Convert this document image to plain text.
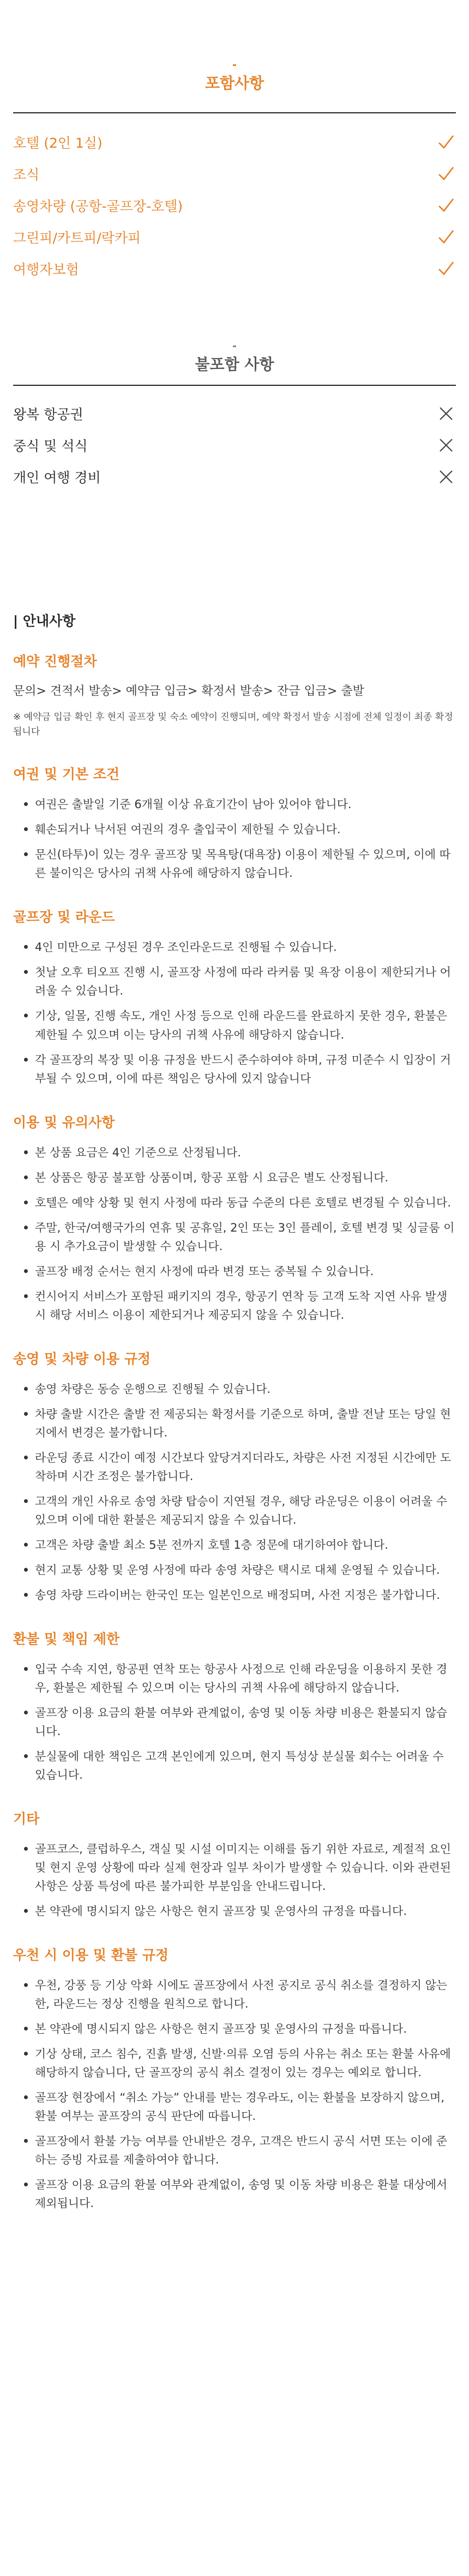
포함사항
호텔 (2인 1실)
조식
송영차량 (공항-골프장-호텔)
그린피/카트피/락카피
여행자보험
불포함 사항
왕복 항공권
중식 및 석식
개인 여행 경비
| 안내사항
예약 진행절차

문의> 견적서 발송> 예약금 입금> 확정서 발송> 잔금 입금> 출발

※ 예약금 입금 확인 후 현지 골프장 및 숙소 예약이 진행되며, 예약 확정서 발송 시점에 전체 일정이 최종 확정됩니다

여권 및 기본 조건
여권은 출발일 기준 6개월 이상 유효기간이 남아 있어야 합니다.
훼손되거나 낙서된 여권의 경우 출입국이 제한될 수 있습니다.
문신(타투)이 있는 경우 골프장 및 목욕탕(대욕장) 이용이 제한될 수 있으며, 이에 따른 불이익은 당사의 귀책 사유에 해당하지 않습니다.
골프장 및 라운드
4인 미만으로 구성된 경우 조인라운드로 진행될 수 있습니다.
첫날 오후 티오프 진행 시, 골프장 사정에 따라 라커룸 및 욕장 이용이 제한되거나 어려울 수 있습니다.
기상, 일몰, 진행 속도, 개인 사정 등으로 인해 라운드를 완료하지 못한 경우, 환불은 제한될 수 있으며 이는 당사의 귀책 사유에 해당하지 않습니다.
각 골프장의 복장 및 이용 규정을 반드시 준수하여야 하며, 규정 미준수 시 입장이 거부될 수 있으며, 이에 따른 책임은 당사에 있지 않습니다
이용 및 유의사항
본 상품 요금은 4인 기준으로 산정됩니다.
본 상품은 항공 불포함 상품이며, 항공 포함 시 요금은 별도 산정됩니다.
호텔은 예약 상황 및 현지 사정에 따라 동급 수준의 다른 호텔로 변경될 수 있습니다.
주말, 한국/여행국가의 연휴 및 공휴일, 2인 또는 3인 플레이, 호텔 변경 및 싱글룸 이용 시 추가요금이 발생할 수 있습니다.
골프장 배정 순서는 현지 사정에 따라 변경 또는 중복될 수 있습니다.
컨시어지 서비스가 포함된 패키지의 경우, 항공기 연착 등 고객 도착 지연 사유 발생 시 해당 서비스 이용이 제한되거나 제공되지 않을 수 있습니다.
송영 및 차량 이용 규정
송영 차량은 동승 운행으로 진행될 수 있습니다.
차량 출발 시간은 출발 전 제공되는 확정서를 기준으로 하며, 출발 전날 또는 당일 현지에서 변경은 불가합니다.
라운딩 종료 시간이 예정 시간보다 앞당겨지더라도, 차량은 사전 지정된 시간에만 도착하며 시간 조정은 불가합니다.
고객의 개인 사유로 송영 차량 탑승이 지연될 경우, 해당 라운딩은 이용이 어려울 수 있으며 이에 대한 환불은 제공되지 않을 수 있습니다.
고객은 차량 출발 최소 5분 전까지 호텔 1층 정문에 대기하여야 합니다.
현지 교통 상황 및 운영 사정에 따라 송영 차량은 택시로 대체 운영될 수 있습니다.
송영 차량 드라이버는 한국인 또는 일본인으로 배정되며, 사전 지정은 불가합니다.
환불 및 책임 제한
입국 수속 지연, 항공편 연착 또는 항공사 사정으로 인해 라운딩을 이용하지 못한 경우, 환불은 제한될 수 있으며 이는 당사의 귀책 사유에 해당하지 않습니다.
골프장 이용 요금의 환불 여부와 관계없이, 송영 및 이동 차량 비용은 환불되지 않습니다.
분실물에 대한 책임은 고객 본인에게 있으며, 현지 특성상 분실물 회수는 어려울 수 있습니다.
기타
골프코스, 클럽하우스, 객실 및 시설 이미지는 이해를 돕기 위한 자료로, 계절적 요인 및 현지 운영 상황에 따라 실제 현장과 일부 차이가 발생할 수 있습니다. 이와 관련된 사항은 상품 특성에 따른 불가피한 부분임을 안내드립니다.
본 약관에 명시되지 않은 사항은 현지 골프장 및 운영사의 규정을 따릅니다.
우천 시 이용 및 환불 규정
우천, 강풍 등 기상 악화 시에도 골프장에서 사전 공지로 공식 취소를 결정하지 않는 한, 라운드는 정상 진행을 원칙으로 합니다.
본 약관에 명시되지 않은 사항은 현지 골프장 및 운영사의 규정을 따릅니다.
기상 상태, 코스 침수, 진흙 발생, 신발·의류 오염 등의 사유는 취소 또는 환불 사유에 해당하지 않습니다, 단 골프장의 공식 취소 결정이 있는 경우는 예외로 합니다.
골프장 현장에서 “취소 가능” 안내를 받는 경우라도, 이는 환불을 보장하지 않으며, 환불 여부는 골프장의 공식 판단에 따릅니다.
골프장에서 환불 가능 여부를 안내받은 경우, 고객은 반드시 공식 서면 또는 이에 준하는 증빙 자료를 제출하여야 합니다.
골프장 이용 요금의 환불 여부와 관계없이, 송영 및 이동 차량 비용은 환불 대상에서 제외됩니다.
